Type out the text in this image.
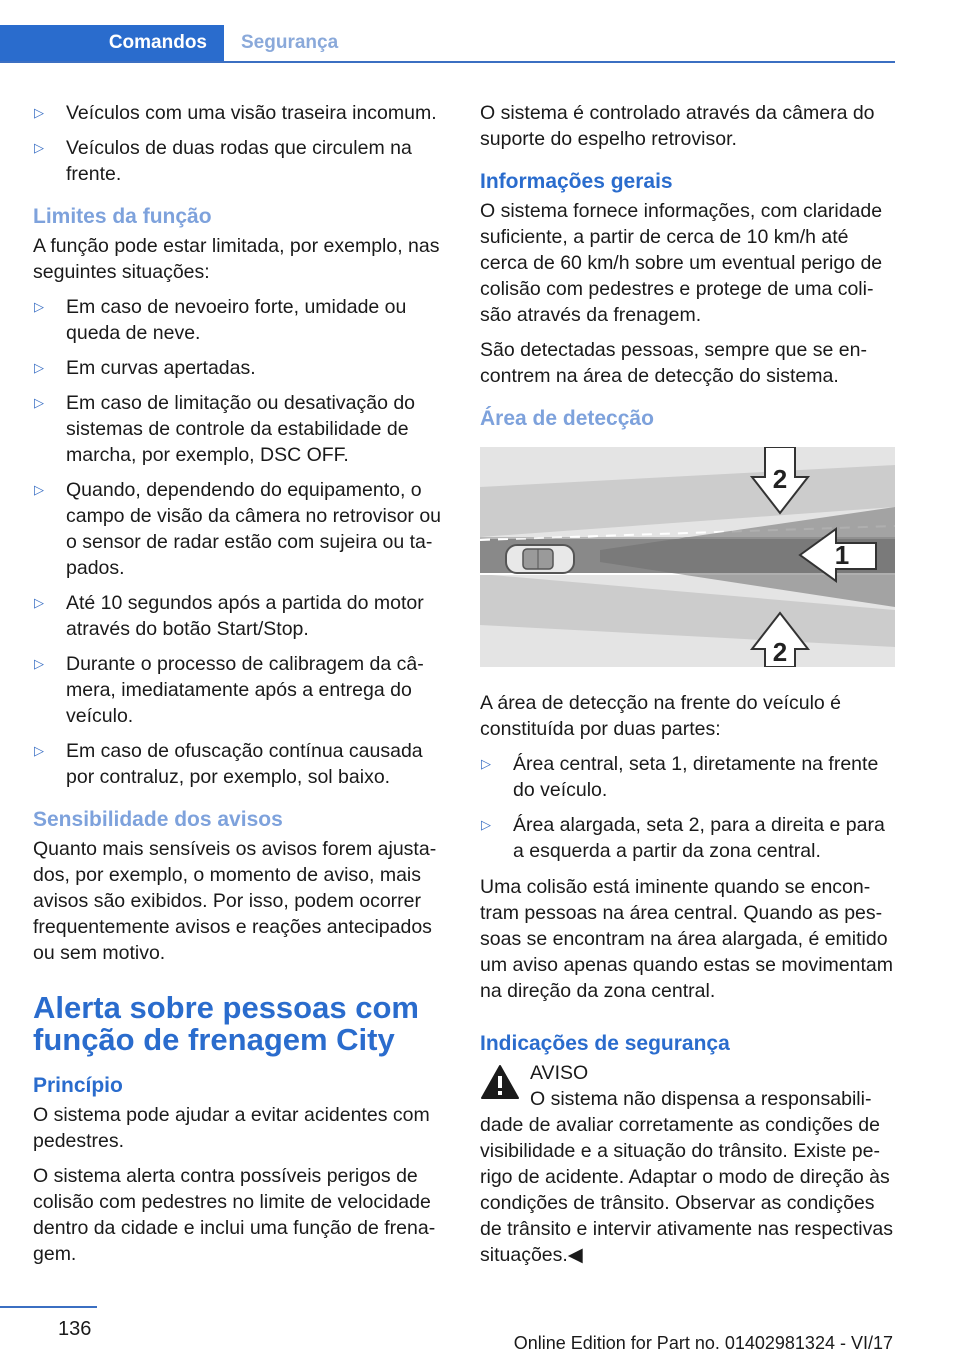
Comandos Segurança
▷ Veículos com uma visão traseira incomum.
▷ Veículos de duas rodas que circulem na frente.
Limites da função

A função pode estar limitada, por exemplo, nas seguintes situações:

▷ Em caso de nevoeiro forte, umidade ou queda de neve.
▷ Em curvas apertadas.
▷ Em caso de limitação ou desativação do sistemas de controle da estabilidade de marcha, por exemplo, DSC OFF.
▷ Quando, dependendo do equipamento, o campo de visão da câmera no retrovisor ou o sensor de radar estão com sujeira ou tapados.
▷ Até 10 segundos após a partida do motor através do botão Start/Stop.
▷ Durante o processo de calibragem da câmera, imediatamente após a entrega do veículo.
▷ Em caso de ofuscação contínua causada por contraluz, por exemplo, sol baixo.
Sensibilidade dos avisos

Quanto mais sensíveis os avisos forem ajustados, por exemplo, o momento de aviso, mais avisos são exibidos. Por isso, podem ocorrer frequentemente avisos e reações antecipados ou sem motivo.

Alerta sobre pessoas com função de frenagem City
Princípio

O sistema pode ajudar a evitar acidentes com pedestres.

O sistema alerta contra possíveis perigos de colisão com pedestres no limite de velocidade dentro da cidade e inclui uma função de frenagem.

O sistema é controlado através da câmera do suporte do espelho retrovisor.

Informações gerais

O sistema fornece informações, com claridade suficiente, a partir de cerca de 10 km/h até cerca de 60 km/h sobre um eventual perigo de colisão com pedestres e protege de uma colisão através da frenagem.

São detectadas pessoas, sempre que se encontrem na área de detecção do sistema.

Área de detecção
2
1
2

A área de detecção na frente do veículo é constituída por duas partes:

▷ Área central, seta 1, diretamente na frente do veículo.
▷ Área alargada, seta 2, para a direita e para a esquerda a partir da zona central.

Uma colisão está iminente quando se encontram pessoas na área central. Quando as pessoas se encontram na área alargada, é emitido um aviso apenas quando estas se movimentam na direção da zona central.

Indicações de segurança
AVISO
O sistema não dispensa a responsabilidade de avaliar corretamente as condições de visibilidade e a situação do trânsito. Existe perigo de acidente. Adaptar o modo de direção às condições de trânsito. Observar as condições de trânsito e intervir ativamente nas respectivas situações.◀
136
Online Edition for Part no. 01402981324 - VI/17
